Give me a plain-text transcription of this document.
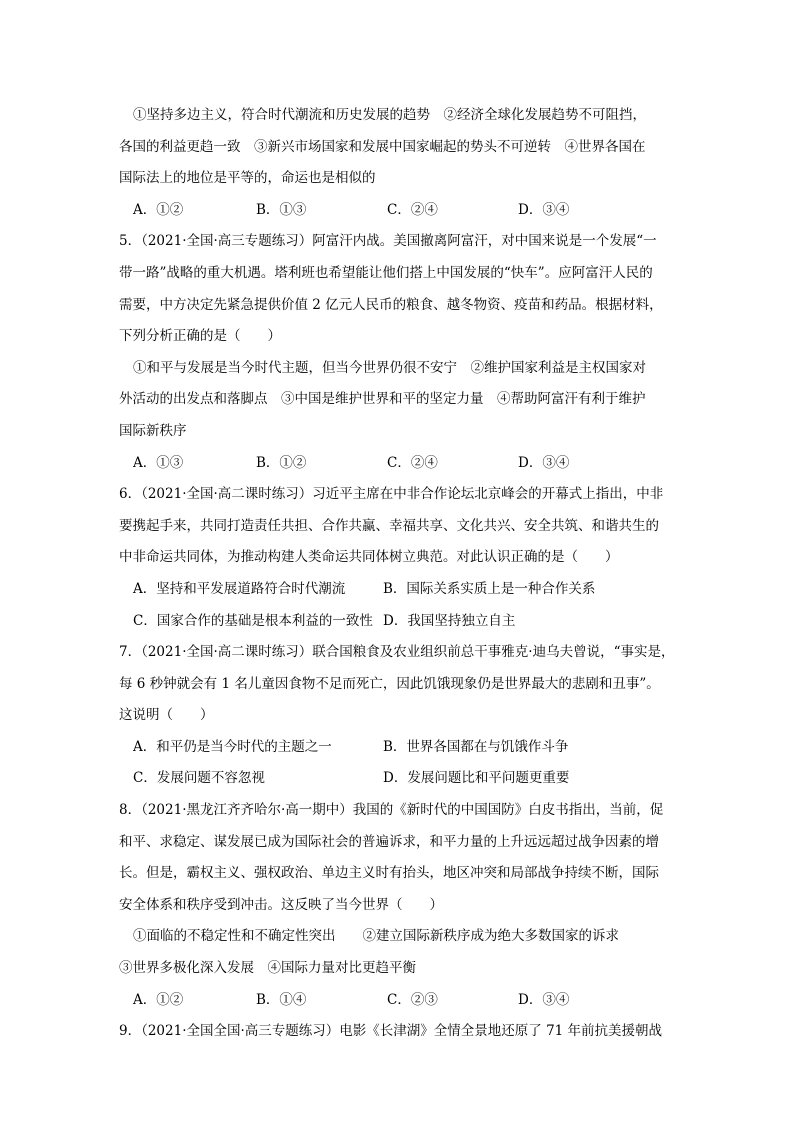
①坚持多边主义，符合时代潮流和历史发展的趋势　②经济全球化发展趋势不可阻挡，
各国的利益更趋一致　③新兴市场国家和发展中国家崛起的势头不可逆转　④世界各国在
国际法上的地位是平等的，命运也是相似的
A．①②	B．①③	C．②④	D．③④
5．（2021·全国·高三专题练习）阿富汗内战。美国撤离阿富汗，对中国来说是一个发展“一
带一路”战略的重大机遇。塔利班也希望能让他们搭上中国发展的“快车”。应阿富汗人民的
需要，中方决定先紧急提供价值 2 亿元人民币的粮食、越冬物资、疫苗和药品。根据材料，
下列分析正确的是（　　）
①和平与发展是当今时代主题，但当今世界仍很不安宁　②维护国家利益是主权国家对
外活动的出发点和落脚点　③中国是维护世界和平的坚定力量　④帮助阿富汗有利于维护
国际新秩序
A．①③	B．①②	C．②④	D．③④
6．（2021·全国·高二课时练习）习近平主席在中非合作论坛北京峰会的开幕式上指出，中非
要携起手来，共同打造责任共担、合作共赢、幸福共享、文化共兴、安全共筑、和谐共生的
中非命运共同体，为推动构建人类命运共同体树立典范。对此认识正确的是（　　）
A．坚持和平发展道路符合时代潮流	B．国际关系实质上是一种合作关系
C．国家合作的基础是根本利益的一致性 D．我国坚持独立自主
7．（2021·全国·高二课时练习）联合国粮食及农业组织前总干事雅克·迪乌夫曾说，“事实是，
每 6 秒钟就会有 1 名儿童因食物不足而死亡，因此饥饿现象仍是世界最大的悲剧和丑事”。
这说明（　　）
A．和平仍是当今时代的主题之一	B．世界各国都在与饥饿作斗争
C．发展问题不容忽视	D．发展问题比和平问题更重要
8．（2021·黑龙江齐齐哈尔·高一期中）我国的《新时代的中国国防》白皮书指出，当前，促
和平、求稳定、谋发展已成为国际社会的普遍诉求，和平力量的上升远远超过战争因素的增
长。但是，霸权主义、强权政治、单边主义时有抬头，地区冲突和局部战争持续不断，国际
安全体系和秩序受到冲击。这反映了当今世界（　　）
①面临的不稳定性和不确定性突出　　②建立国际新秩序成为绝大多数国家的诉求
③世界多极化深入发展　④国际力量对比更趋平衡
A．①②	B．①④	C．②③	D．③④
9．（2021·全国全国·高三专题练习）电影《长津湖》全情全景地还原了 71 年前抗美援朝战
